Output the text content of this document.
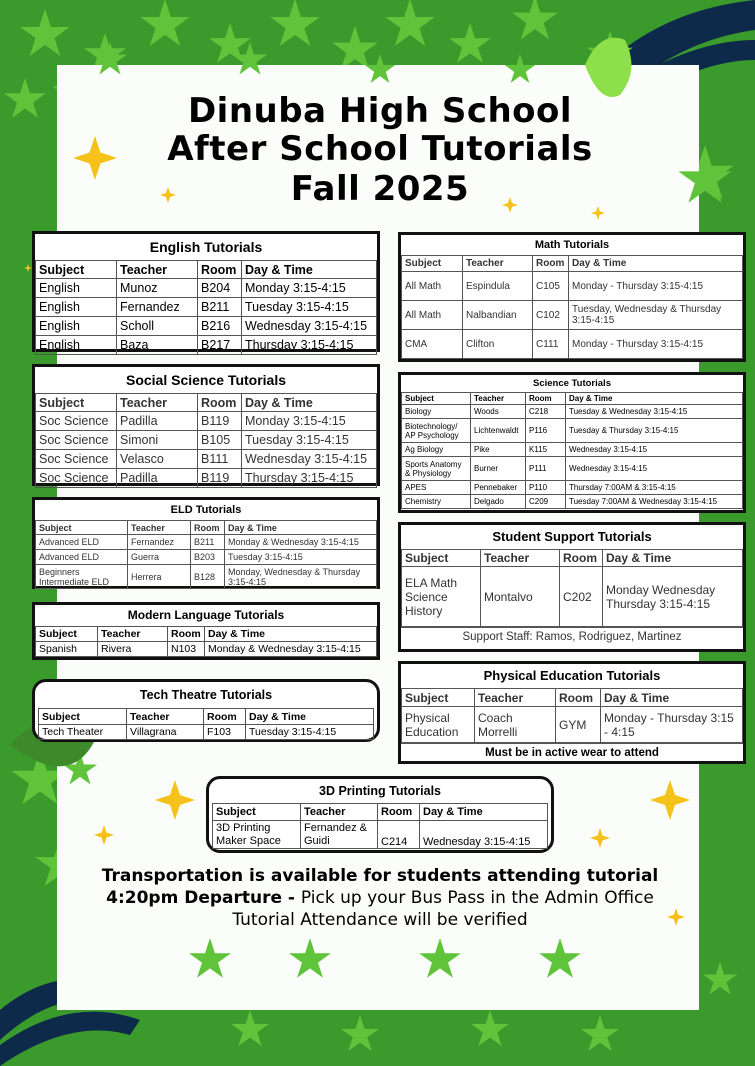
Dinuba High School
After School Tutorials
Fall 2025
English Tutorials
Subject	Teacher	Room	Day & Time
English	Munoz	B204	Monday 3:15-4:15
English	Fernandez	B211	Tuesday 3:15-4:15
English	Scholl	B216	Wednesday 3:15-4:15
English	Baza	B217	Thursday 3:15-4:15
Social Science Tutorials
Subject	Teacher	Room	Day & Time
Soc Science	Padilla	B119	Monday 3:15-4:15
Soc Science	Simoni	B105	Tuesday 3:15-4:15
Soc Science	Velasco	B111	Wednesday 3:15-4:15
Soc Science	Padilla	B119	Thursday 3:15-4:15
ELD Tutorials
Subject	Teacher	Room	Day & Time
Advanced ELD	Fernandez	B211	Monday & Wednesday 3:15-4:15
Advanced ELD	Guerra	B203	Tuesday 3:15-4:15
Beginners Intermediate ELD	Herrera	B128	Monday, Wednesday & Thursday 3:15-4:15
Modern Language Tutorials
Subject	Teacher	Room	Day & Time
Spanish	Rivera	N103	Monday & Wednesday 3:15-4:15
Tech Theatre Tutorials
Subject	Teacher	Room	Day & Time
Tech Theater	Villagrana	F103	Tuesday 3:15-4:15
Math Tutorials
Subject	Teacher	Room	Day & Time
All Math	Espindula	C105	Monday - Thursday 3:15-4:15
All Math	Nalbandian	C102	Tuesday, Wednesday & Thursday 3:15-4:15
CMA	Clifton	C111	Monday - Thursday 3:15-4:15
Science Tutorials
Subject	Teacher	Room	Day & Time
Biology	Woods	C218	Tuesday & Wednesday 3:15-4:15
Biotechnology/ AP Psychology	Lichtenwaldt	P116	Tuesday & Thursday 3:15-4:15
Ag Biology	Pike	K115	Wednesday 3:15-4:15
Sports Anatomy & Physiology	Burner	P111	Wednesday 3:15-4:15
APES	Pennebaker	P110	Thursday 7:00AM & 3:15-4:15
Chemistry	Delgado	C209	Tuesday 7:00AM & Wednesday 3:15-4:15
Student Support Tutorials
Subject	Teacher	Room	Day & Time
ELA Math Science History	Montalvo	C202	Monday Wednesday Thursday 3:15-4:15
Support Staff: Ramos, Rodriguez, Martinez
Physical Education Tutorials
Subject	Teacher	Room	Day & Time
Physical Education	Coach Morrelli	GYM	Monday - Thursday 3:15 - 4:15
Must be in active wear to attend
3D Printing Tutorials
Subject	Teacher	Room	Day & Time
3D Printing Maker Space	Fernandez & Guidi	C214	Wednesday 3:15-4:15
Transportation is available for students attending tutorial
4:20pm Departure - Pick up your Bus Pass in the Admin Office
Tutorial Attendance will be verified
